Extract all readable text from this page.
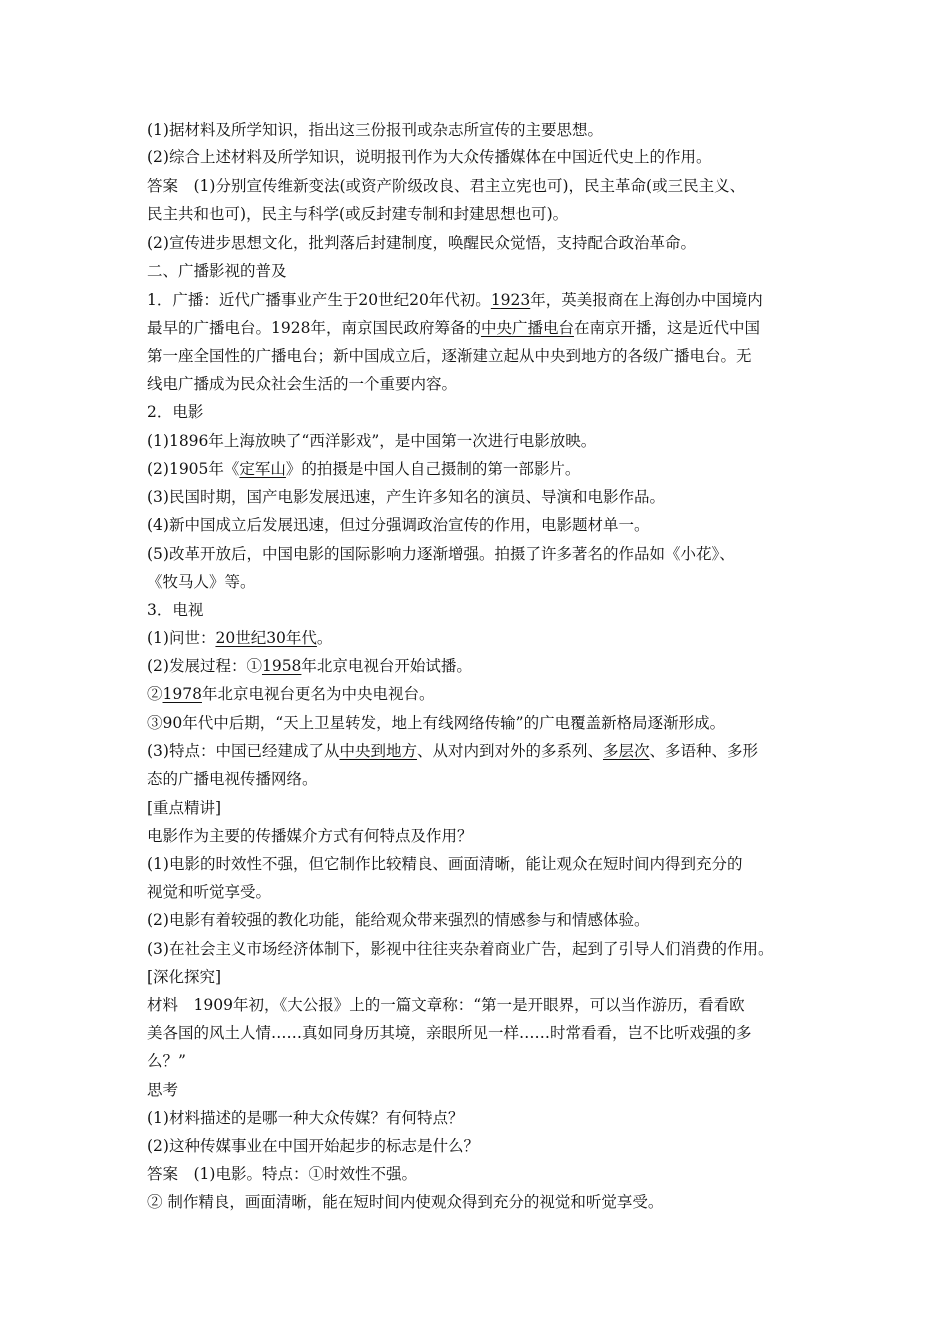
(1)据材料及所学知识，指出这三份报刊或杂志所宣传的主要思想。
(2)综合上述材料及所学知识，说明报刊作为大众传播媒体在中国近代史上的作用。
答案　(1)分别宣传维新变法(或资产阶级改良、君主立宪也可)，民主革命(或三民主义、
民主共和也可)，民主与科学(或反封建专制和封建思想也可)。
(2)宣传进步思想文化，批判落后封建制度，唤醒民众觉悟，支持配合政治革命。
二、广播影视的普及
1．广播：近代广播事业产生于20世纪20年代初。1923年，英美报商在上海创办中国境内
最早的广播电台。1928年，南京国民政府筹备的中央广播电台在南京开播，这是近代中国
第一座全国性的广播电台；新中国成立后，逐渐建立起从中央到地方的各级广播电台。无
线电广播成为民众社会生活的一个重要内容。
2．电影
(1)1896年上海放映了“西洋影戏”，是中国第一次进行电影放映。
(2)1905年《定军山》的拍摄是中国人自己摄制的第一部影片。
(3)民国时期，国产电影发展迅速，产生许多知名的演员、导演和电影作品。
(4)新中国成立后发展迅速，但过分强调政治宣传的作用，电影题材单一。
(5)改革开放后，中国电影的国际影响力逐渐增强。拍摄了许多著名的作品如《小花》、
《牧马人》等。
3．电视
(1)问世：20世纪30年代。
(2)发展过程：①1958年北京电视台开始试播。
②1978年北京电视台更名为中央电视台。
③90年代中后期，“天上卫星转发，地上有线网络传输”的广电覆盖新格局逐渐形成。
(3)特点：中国已经建成了从中央到地方、从对内到对外的多系列、多层次、多语种、多形
态的广播电视传播网络。
[重点精讲]
电影作为主要的传播媒介方式有何特点及作用？
(1)电影的时效性不强，但它制作比较精良、画面清晰，能让观众在短时间内得到充分的
视觉和听觉享受。
(2)电影有着较强的教化功能，能给观众带来强烈的情感参与和情感体验。
(3)在社会主义市场经济体制下，影视中往往夹杂着商业广告，起到了引导人们消费的作用。
[深化探究]
材料　1909年初，《大公报》上的一篇文章称：“第一是开眼界，可以当作游历，看看欧
美各国的风土人情……真如同身历其境，亲眼所见一样……时常看看，岂不比听戏强的多
么？”
思考
(1)材料描述的是哪一种大众传媒？有何特点？
(2)这种传媒事业在中国开始起步的标志是什么？
答案　(1)电影。特点：①时效性不强。
② 制作精良，画面清晰，能在短时间内使观众得到充分的视觉和听觉享受。
